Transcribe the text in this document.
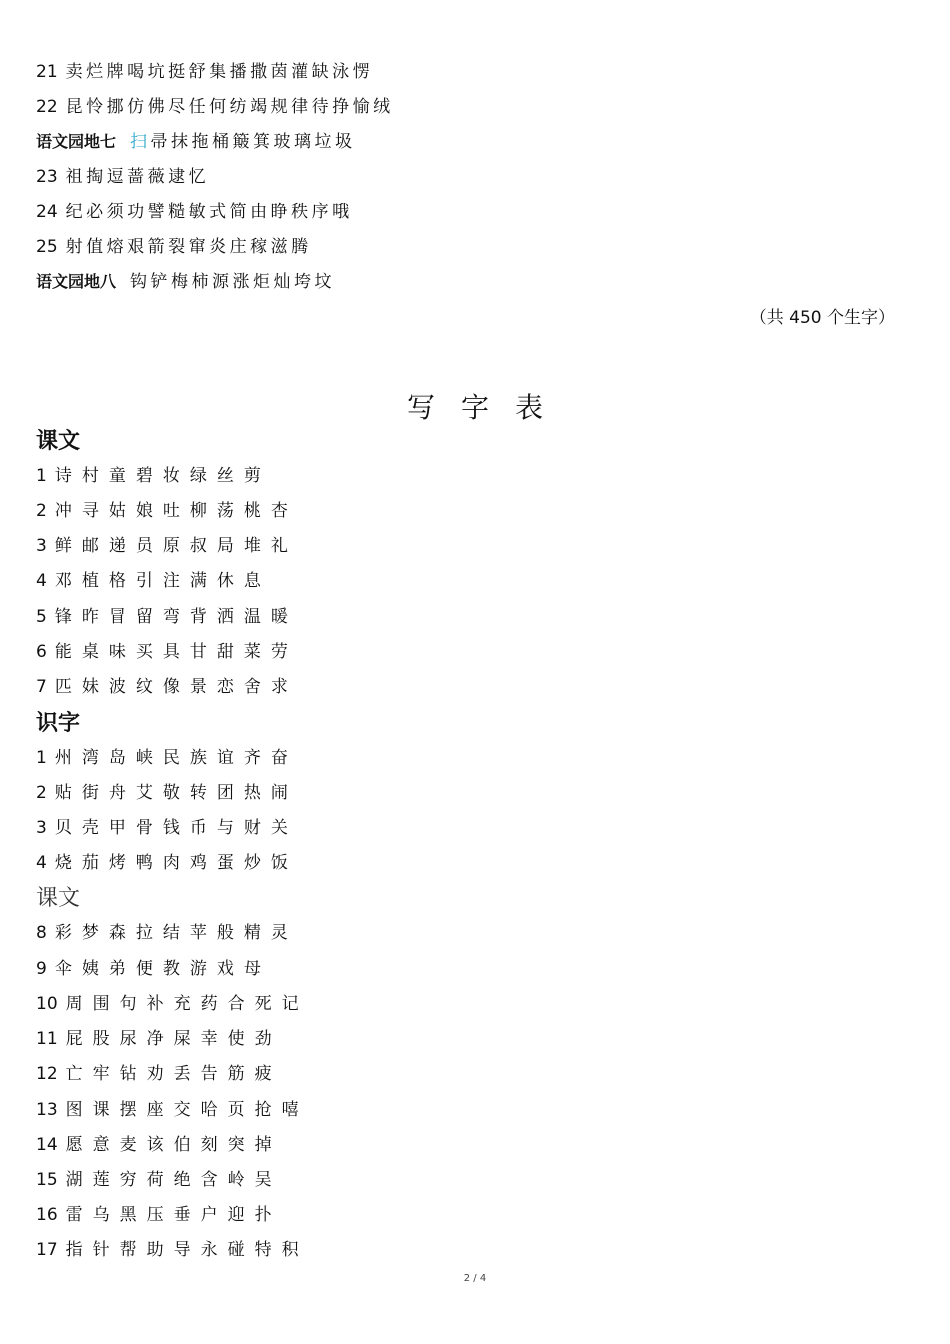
21 卖烂牌喝坑挺舒集播撒茵灌缺泳愣
22 昆怜挪仿佛尽任何纺竭规律待挣愉绒
语文园地七 扫帚抹拖桶簸箕玻璃垃圾
23 祖掏逗蔷薇逮忆
24 纪必须功譬糙敏式简由睁秩序哦
25 射值熔艰箭裂窜炎庄稼滋腾
语文园地八 钩铲梅柿源涨炬灿垮坟
（共 450 个生字）
写字表
课文
1 诗村童碧妆绿丝剪
2 冲寻姑娘吐柳荡桃杏
3 鲜邮递员原叔局堆礼
4 邓植格引注满休息
5 锋昨冒留弯背洒温暖
6 能桌味买具甘甜菜劳
7 匹妹波纹像景恋舍求
识字
1 州湾岛峡民族谊齐奋
2 贴街舟艾敬转团热闹
3 贝壳甲骨钱币与财关
4 烧茄烤鸭肉鸡蛋炒饭
课文
8 彩梦森拉结苹般精灵
9 伞姨弟便教游戏母
10 周围句补充药合死记
11 屁股尿净屎幸使劲
12 亡牢钻劝丢告筋疲
13 图课摆座交哈页抢嘻
14 愿意麦该伯刻突掉
15 湖莲穷荷绝含岭吴
16 雷乌黑压垂户迎扑
17 指针帮助导永碰特积
2 / 4
